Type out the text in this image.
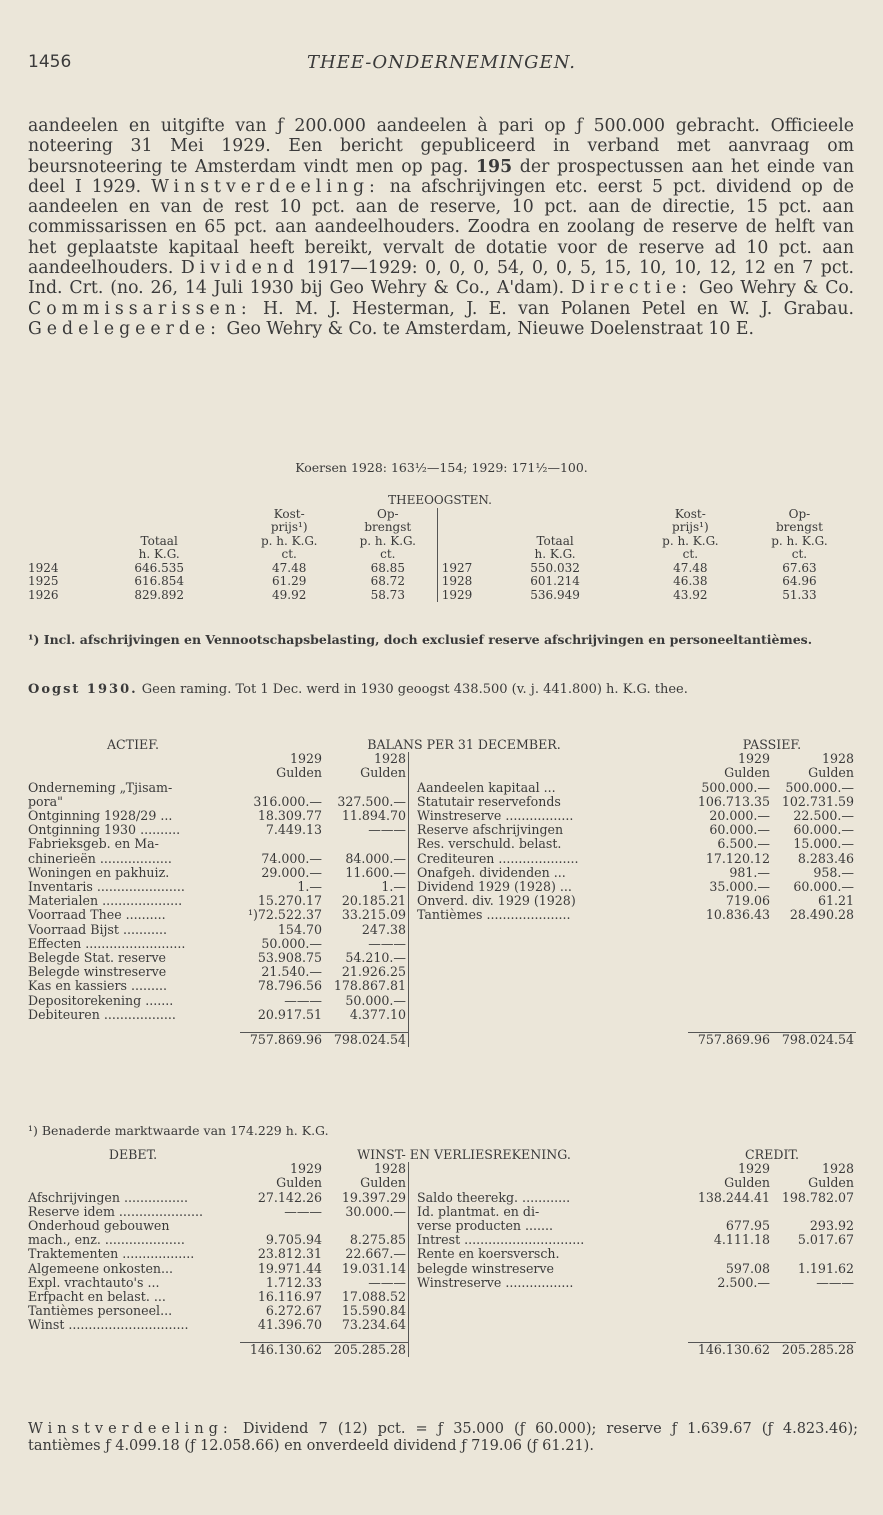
1456	THEE-ONDERNEMINGEN.
aandeelen en uitgifte van ƒ 200.000 aandeelen à pari op ƒ 500.000 gebracht. Officieele noteering 31 Mei 1929. Een bericht gepubliceerd in verband met aanvraag om beursnoteering te Amsterdam vindt men op pag. 195 der prospectussen aan het einde van deel I 1929. Winstverdeeling: na afschrijvingen etc. eerst 5 pct. dividend op de aandeelen en van de rest 10 pct. aan de reserve, 10 pct. aan de directie, 15 pct. aan commissarissen en 65 pct. aan aandeelhouders. Zoodra en zoolang de reserve de helft van het geplaatste kapitaal heeft bereikt, vervalt de dotatie voor de reserve ad 10 pct. aan aandeelhouders. Dividend 1917—1929: 0, 0, 0, 54, 0, 0, 5, 15, 10, 10, 12, 12 en 7 pct. Ind. Crt. (no. 26, 14 Juli 1930 bij Geo Wehry & Co., A'dam). Directie: Geo Wehry & Co. Commissarissen: H. M. J. Hesterman, J. E. van Polanen Petel en W. J. Grabau. Gedelegeerde: Geo Wehry & Co. te Amsterdam, Nieuwe Doelenstraat 10 E.
Koersen 1928: 163½—154; 1929: 171½—100.
THEEOOGSTEN.							
		Kost-	Op-			Kost-	Op-
		prijs¹)	brengst			prijs¹)	brengst
	Totaal	p. h. K.G.	p. h. K.G.		Totaal	p. h. K.G.	p. h. K.G.
	h. K.G.	ct.	ct.		h. K.G.	ct.	ct.
1924	646.535	47.48	68.85	1927	550.032	47.48	67.63
1925	616.854	61.29	68.72	1928	601.214	46.38	64.96
1926	829.892	49.92	58.73	1929	536.949	43.92	51.33
¹) Incl. afschrijvingen en Vennootschapsbelasting, doch exclusief reserve afschrijvingen en personeeltantièmes.
Oogst 1930. Geen raming. Tot 1 Dec. werd in 1930 geoogst 438.500 (v. j. 441.800) h. K.G. thee.
ACTIEF.	BALANS PER 31 DECEMBER.				PASSIEF.	
	1929	1928			1929	1928
	Gulden	Gulden			Gulden	Gulden
Onderneming „Tjisam-			Aandeelen kapitaal ...		500.000.—	500.000.—
pora"	316.000.—	327.500.—	Statutair reservefonds		106.713.35	102.731.59
Ontginning 1928/29 ...	18.309.77	11.894.70	Winstreserve .................		20.000.—	22.500.—
Ontginning 1930 ..........	7.449.13	———	Reserve afschrijvingen		60.000.—	60.000.—
Fabrieksgeb. en Ma-			Res. verschuld. belast.		6.500.—	15.000.—
chinerieën ..................	74.000.—	84.000.—	Crediteuren ....................		17.120.12	8.283.46
Woningen en pakhuiz.	29.000.—	11.600.—	Onafgeh. dividenden ...		981.—	958.—
Inventaris ......................	1.—	1.—	Dividend 1929 (1928) ...		35.000.—	60.000.—
Materialen ....................	15.270.17	20.185.21	Onverd. div. 1929 (1928)		719.06	61.21
Voorraad Thee ..........	¹)72.522.37	33.215.09	Tantièmes .....................		10.836.43	28.490.28
Voorraad Bijst ...........	154.70	247.38				
Effecten .........................	50.000.—	———				
Belegde Stat. reserve	53.908.75	54.210.—				
Belegde winstreserve	21.540.—	21.926.25				
Kas en kassiers .........	78.796.56	178.867.81				
Depositorekening .......	———	50.000.—				
Debiteuren ..................	20.917.51	4.377.10				

	757.869.96	798.024.54			757.869.96	798.024.54
¹) Benaderde marktwaarde van 174.229 h. K.G.
DEBET.	WINST- EN VERLIESREKENING.				CREDIT.	
	1929	1928			1929	1928
	Gulden	Gulden			Gulden	Gulden
Afschrijvingen ................	27.142.26	19.397.29	Saldo theerekg. ............		138.244.41	198.782.07
Reserve idem .....................	———	30.000.—	Id. plantmat. en di-			
Onderhoud gebouwen			verse producten .......		677.95	293.92
mach., enz. ....................	9.705.94	8.275.85	Intrest ..............................		4.111.18	5.017.67
Traktementen ..................	23.812.31	22.667.—	Rente en koersversch.			
Algemeene onkosten...	19.971.44	19.031.14	belegde winstreserve		597.08	1.191.62
Expl. vrachtauto's ...	1.712.33	———	Winstreserve .................		2.500.—	———
Erfpacht en belast. ...	16.116.97	17.088.52				
Tantièmes personeel...	6.272.67	15.590.84				
Winst ..............................	41.396.70	73.234.64				

	146.130.62	205.285.28			146.130.62	205.285.28
Winstverdeeling: Dividend 7 (12) pct. = ƒ 35.000 (ƒ 60.000); reserve ƒ 1.639.67 (ƒ 4.823.46); tantièmes ƒ 4.099.18 (ƒ 12.058.66) en onverdeeld dividend ƒ 719.06 (ƒ 61.21).
